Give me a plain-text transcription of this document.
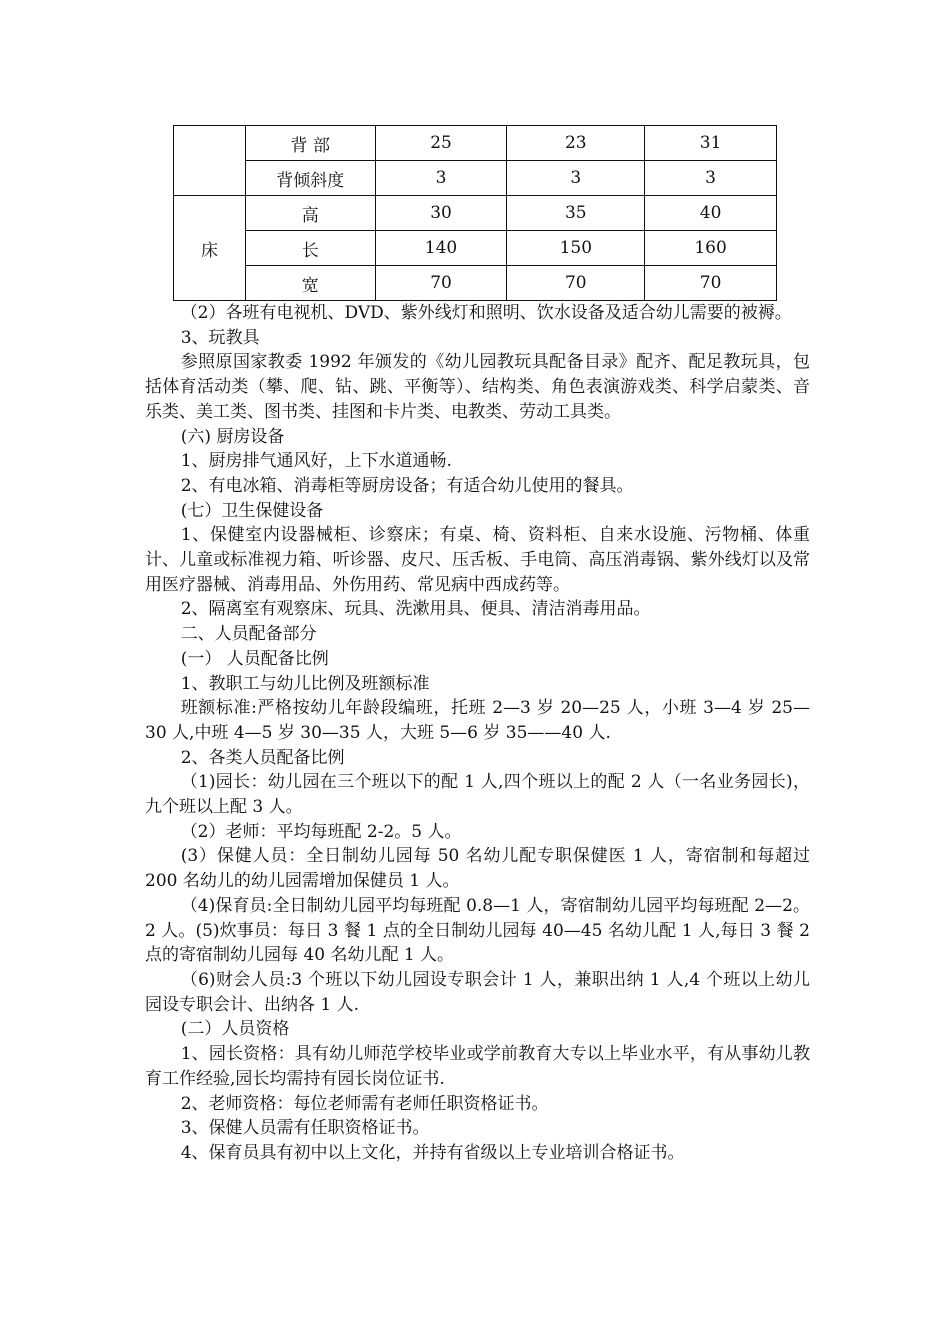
	背 部	25	23	31
	背倾斜度	3	3	3
床	高	30	35	40
	长	140	150	160
	宽	70	70	70

（2）各班有电视机、DVD、紫外线灯和照明、饮水设备及适合幼儿需要的被褥。

3、玩教具

参照原国家教委 1992 年颁发的《幼儿园教玩具配备目录》配齐、配足教玩具，包括体育活动类（攀、爬、钻、跳、平衡等）、结构类、角色表演游戏类、科学启蒙类、音乐类、美工类、图书类、挂图和卡片类、电教类、劳动工具类。

(六) 厨房设备

1、厨房排气通风好，上下水道通畅.

2、有电冰箱、消毒柜等厨房设备；有适合幼儿使用的餐具。

(七）卫生保健设备

1、保健室内设器械柜、诊察床；有桌、椅、资料柜、自来水设施、污物桶、体重计、儿童或标准视力箱、听诊器、皮尺、压舌板、手电筒、高压消毒锅、紫外线灯以及常用医疗器械、消毒用品、外伤用药、常见病中西成药等。

2、隔离室有观察床、玩具、洗漱用具、便具、清洁消毒用品。

二、人员配备部分

(一） 人员配备比例

1、教职工与幼儿比例及班额标准

班额标准:严格按幼儿年龄段编班，托班 2—3 岁 20—25 人，小班 3—4 岁 25—30 人,中班 4—5 岁 30—35 人，大班 5—6 岁 35——40 人.

2、各类人员配备比例

（1)园长：幼儿园在三个班以下的配 1 人,四个班以上的配 2 人（一名业务园长)，九个班以上配 3 人。

（2）老师：平均每班配 2-2。5 人。

(3）保健人员：全日制幼儿园每 50 名幼儿配专职保健医 1 人，寄宿制和每超过 200 名幼儿的幼儿园需增加保健员 1 人。

（4)保育员:全日制幼儿园平均每班配 0.8—1 人，寄宿制幼儿园平均每班配 2—2。2 人。(5)炊事员：每日 3 餐 1 点的全日制幼儿园每 40—45 名幼儿配 1 人,每日 3 餐 2 点的寄宿制幼儿园每 40 名幼儿配 1 人。

（6)财会人员:3 个班以下幼儿园设专职会计 1 人，兼职出纳 1 人,4 个班以上幼儿园设专职会计、出纳各 1 人.

(二）人员资格

1、园长资格：具有幼儿师范学校毕业或学前教育大专以上毕业水平，有从事幼儿教育工作经验,园长均需持有园长岗位证书.

2、老师资格：每位老师需有老师任职资格证书。

3、保健人员需有任职资格证书。

4、保育员具有初中以上文化，并持有省级以上专业培训合格证书。
